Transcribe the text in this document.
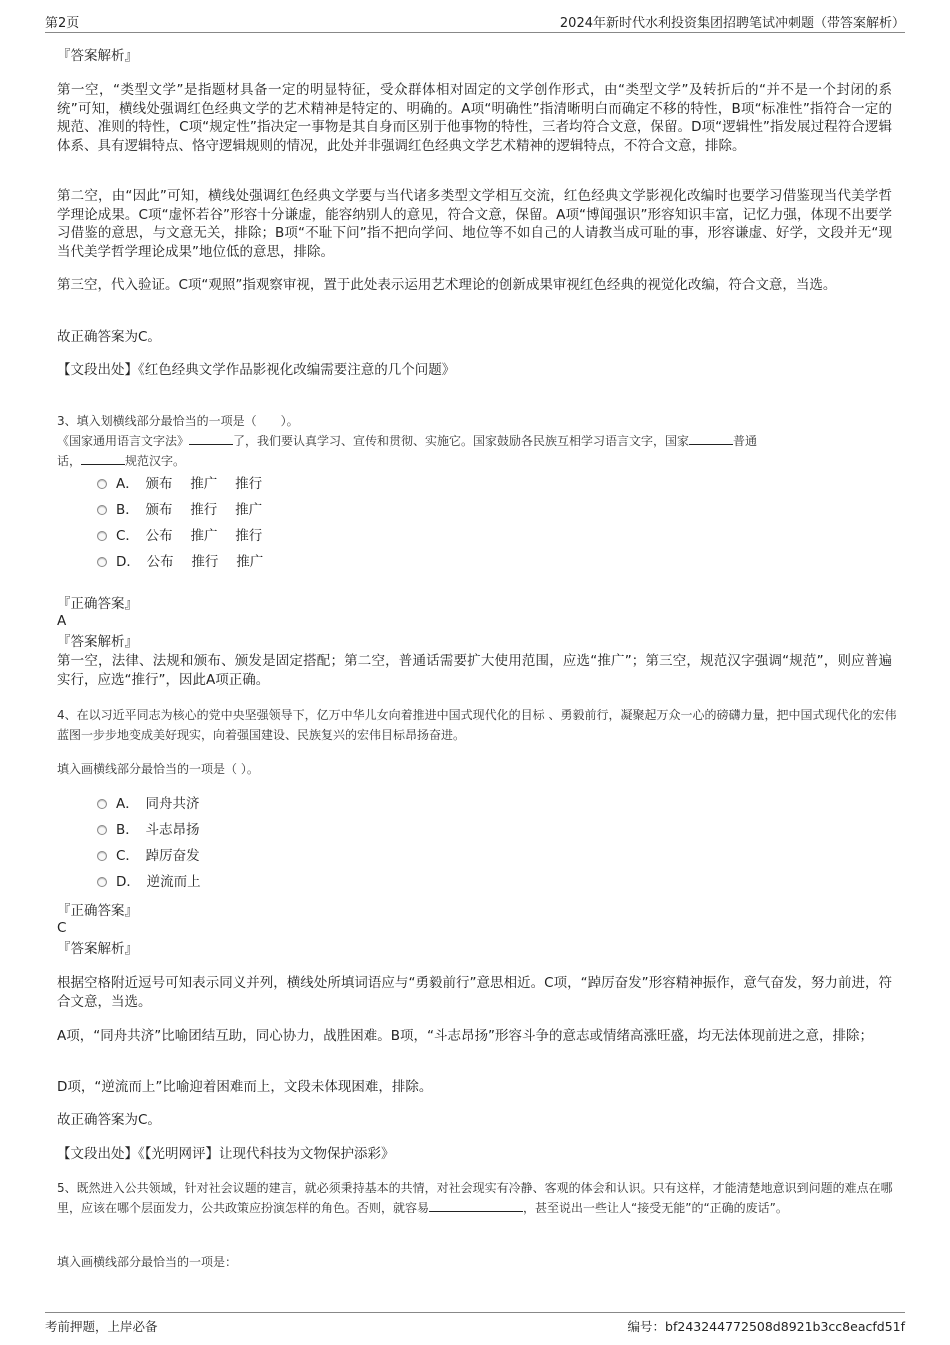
第2页	2024年新时代水利投资集团招聘笔试冲刺题（带答案解析）

『答案解析』

第一空，“类型文学”是指题材具备一定的明显特征，受众群体相对固定的文学创作形式，由“类型文学”及转折后的“并不是一个封闭的系统”可知，横线处强调红色经典文学的艺术精神是特定的、明确的。A项“明确性”指清晰明白而确定不移的特性，B项“标准性”指符合一定的规范、准则的特性，C项“规定性”指决定一事物是其自身而区别于他事物的特性，三者均符合文意，保留。D项“逻辑性”指发展过程符合逻辑体系、具有逻辑特点、恪守逻辑规则的情况，此处并非强调红色经典文学艺术精神的逻辑特点，不符合文意，排除。

第二空，由“因此”可知，横线处强调红色经典文学要与当代诸多类型文学相互交流，红色经典文学影视化改编时也要学习借鉴现当代美学哲学理论成果。C项“虚怀若谷”形容十分谦虚，能容纳别人的意见，符合文意，保留。A项“博闻强识”形容知识丰富，记忆力强，体现不出要学习借鉴的意思，与文意无关，排除；B项“不耻下问”指不把向学问、地位等不如自己的人请教当成可耻的事，形容谦虚、好学，文段并无“现当代美学哲学理论成果”地位低的意思，排除。

第三空，代入验证。C项“观照”指观察审视，置于此处表示运用艺术理论的创新成果审视红色经典的视觉化改编，符合文意，当选。

故正确答案为C。

【文段出处】《红色经典文学作品影视化改编需要注意的几个问题》

3、填入划横线部分最恰当的一项是（　　）。

《国家通用语言文字法》	了，我们要认真学习、宣传和贯彻、实施它。国家鼓励各民族互相学习语言文字，国家	普通
话，	规范汉字。

A．　颁布　 推广　 推行
B．　颁布　 推行　 推广
C．　公布　 推广　 推行
D．　公布　 推行　 推广

『正确答案』

A

『答案解析』

第一空，法律、法规和颁布、颁发是固定搭配；第二空，普通话需要扩大使用范围，应选“推广”；第三空，规范汉字强调“规范”，则应普遍实行，应选“推行”，因此A项正确。

4、在以习近平同志为核心的党中央坚强领导下，亿万中华儿女向着推进中国式现代化的目标 、勇毅前行，凝聚起万众一心的磅礴力量，把中国式现代化的宏伟蓝图一步步地变成美好现实，向着强国建设、民族复兴的宏伟目标昂扬奋进。

填入画横线部分最恰当的一项是（ ）。

A．　同舟共济
B．　斗志昂扬
C．　踔厉奋发
D．　逆流而上

『正确答案』

C

『答案解析』

根据空格附近逗号可知表示同义并列，横线处所填词语应与“勇毅前行”意思相近。C项，“踔厉奋发”形容精神振作，意气奋发，努力前进，符合文意，当选。

A项，“同舟共济”比喻团结互助，同心协力，战胜困难。B项，“斗志昂扬”形容斗争的意志或情绪高涨旺盛，均无法体现前进之意，排除；

D项，“逆流而上”比喻迎着困难而上，文段未体现困难，排除。

故正确答案为C。

【文段出处】《【光明网评】让现代科技为文物保护添彩》

5、既然进入公共领域，针对社会议题的建言，就必须秉持基本的共情，对社会现实有冷静、客观的体会和认识。只有这样，才能清楚地意识到问题的难点在哪里，应该在哪个层面发力，公共政策应扮演怎样的角色。否则，就容易	，甚至说出一些让人“接受无能”的“正确的废话”。

填入画横线部分最恰当的一项是：

考前押题，上岸必备	编号：bf243244772508d8921b3cc8eacfd51f
